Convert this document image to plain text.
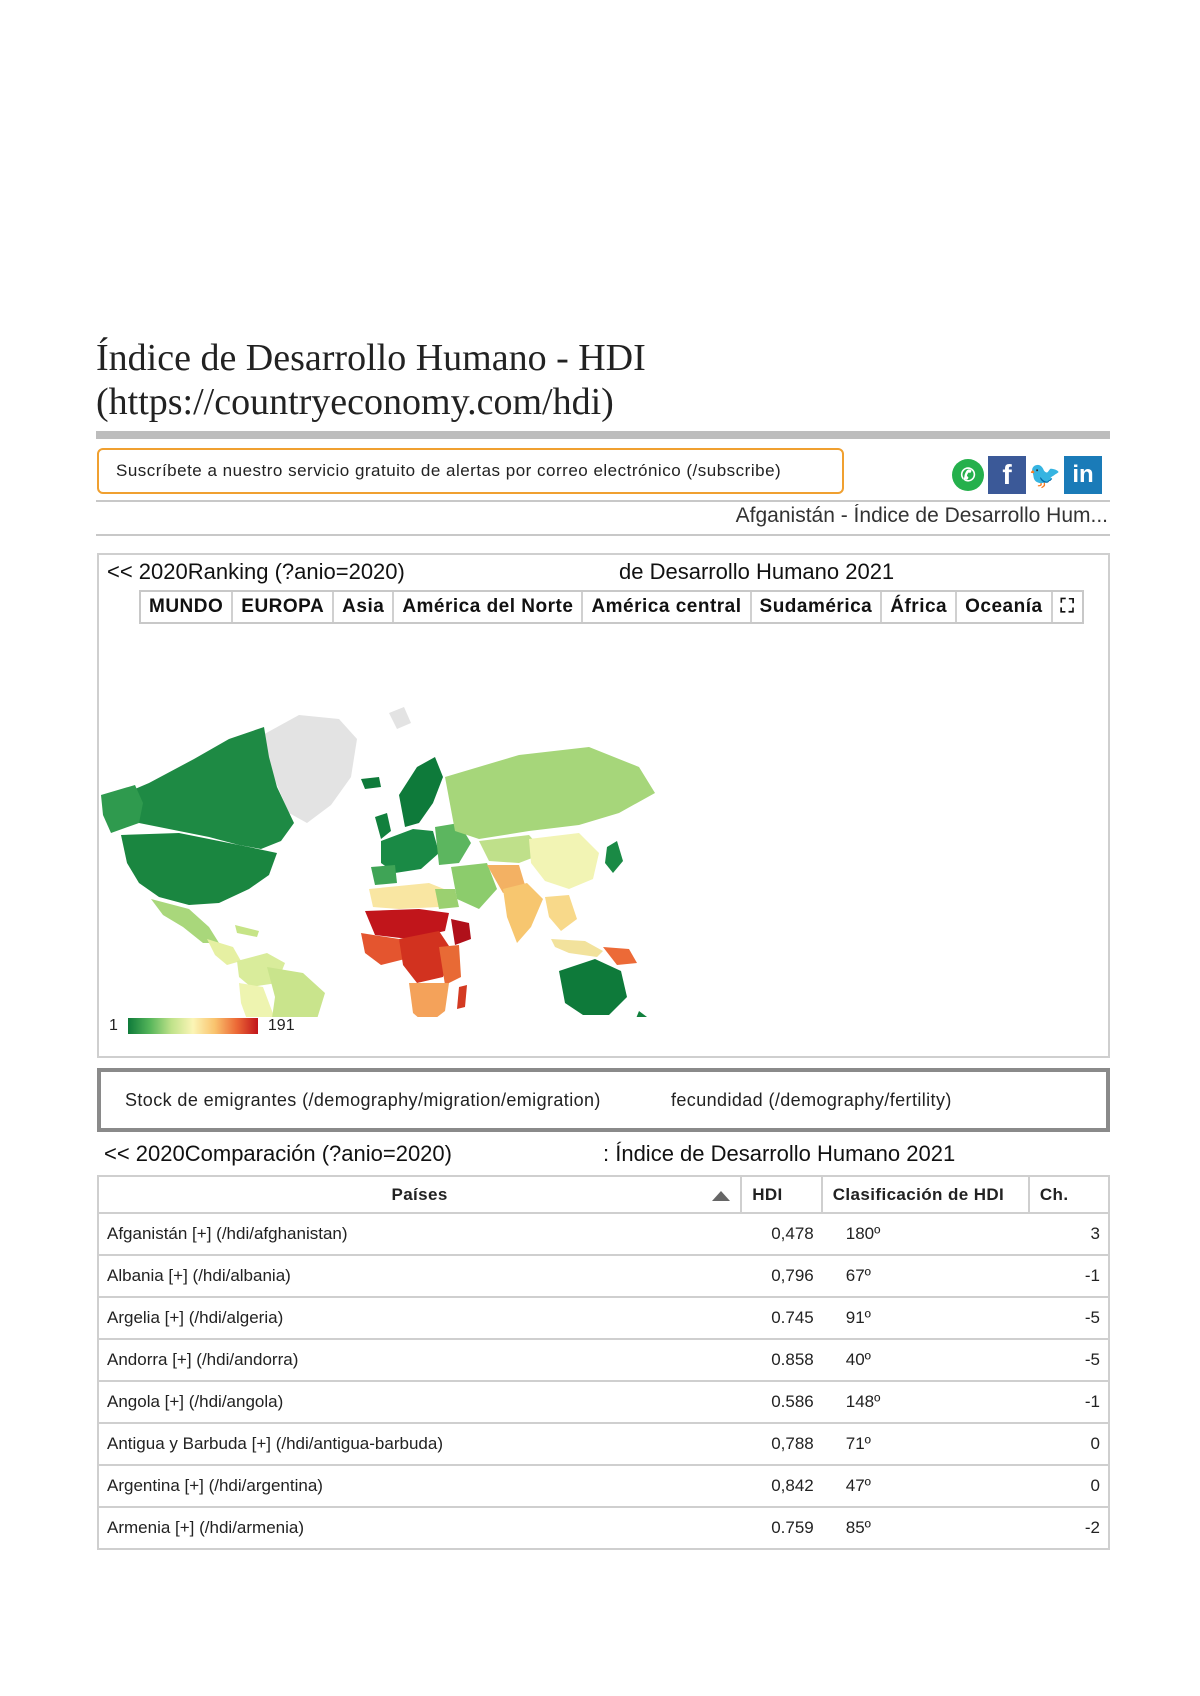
Índice de Desarrollo Humano - HDI
(https://countryeconomy.com/hdi)
Suscríbete a nuestro servicio gratuito de alertas por correo electrónico (/subscribe)	✆ f 🐦 in
Afganistán - Índice de Desarrollo Hum...
<< 2020Ranking (?anio=2020)	de Desarrollo Humano 2021
MUNDO EUROPA Asia América del Norte América central Sudamérica África Oceanía ⛶
1	191
Stock de emigrantes (/demography/migration/emigration)	fecundidad (/demography/fertility)
<< 2020Comparación (?anio=2020)	: Índice de Desarrollo Humano 2021
Países	HDI	Clasificación de HDI	Ch.
Afganistán [+] (/hdi/afghanistan)	0,478	180º	3
Albania [+] (/hdi/albania)	0,796	67º	-1
Argelia [+] (/hdi/algeria)	0.745	91º	-5
Andorra [+] (/hdi/andorra)	0.858	40º	-5
Angola [+] (/hdi/angola)	0.586	148º	-1
Antigua y Barbuda [+] (/hdi/antigua-barbuda)	0,788	71º	0
Argentina [+] (/hdi/argentina)	0,842	47º	0
Armenia [+] (/hdi/armenia)	0.759	85º	-2
